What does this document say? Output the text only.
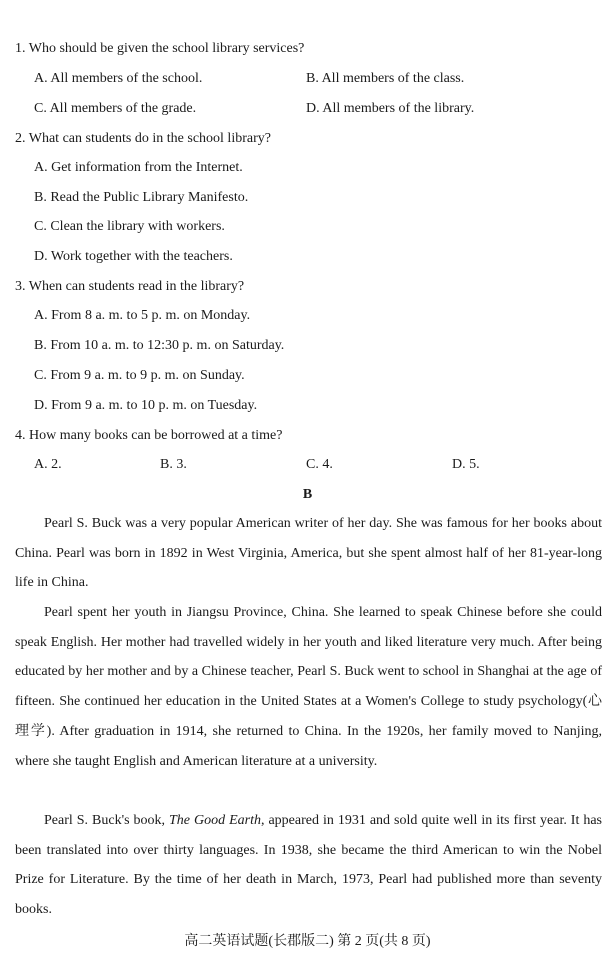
1. Who should be given the school library services?
A. All members of the school.	B. All members of the class.
C. All members of the grade.	D. All members of the library.
2. What can students do in the school library?
A. Get information from the Internet.
B. Read the Public Library Manifesto.
C. Clean the library with workers.
D. Work together with the teachers.
3. When can students read in the library?
A. From 8 a. m. to 5 p. m. on Monday.
B. From 10 a. m. to 12:30 p. m. on Saturday.
C. From 9 a. m. to 9 p. m. on Sunday.
D. From 9 a. m. to 10 p. m. on Tuesday.
4. How many books can be borrowed at a time?
A. 2.	B. 3.	C. 4.	D. 5.
B
Pearl S. Buck was a very popular American writer of her day. She was famous for her books about China. Pearl was born in 1892 in West Virginia, America, but she spent almost half of her 81-year-long life in China.
Pearl spent her youth in Jiangsu Province, China. She learned to speak Chinese before she could speak English. Her mother had travelled widely in her youth and liked literature very much. After being educated by her mother and by a Chinese teacher, Pearl S. Buck went to school in Shanghai at the age of fifteen. She continued her education in the United States at a Women's College to study psychology(心理学). After graduation in 1914, she returned to China. In the 1920s, her family moved to Nanjing, where she taught English and American literature at a university.
Pearl S. Buck's book, The Good Earth, appeared in 1931 and sold quite well in its first year. It has been translated into over thirty languages. In 1938, she became the third American to win the Nobel Prize for Literature. By the time of her death in March, 1973, Pearl had published more than seventy books.
高二英语试题(长郡版二) 第 2 页(共 8 页)
